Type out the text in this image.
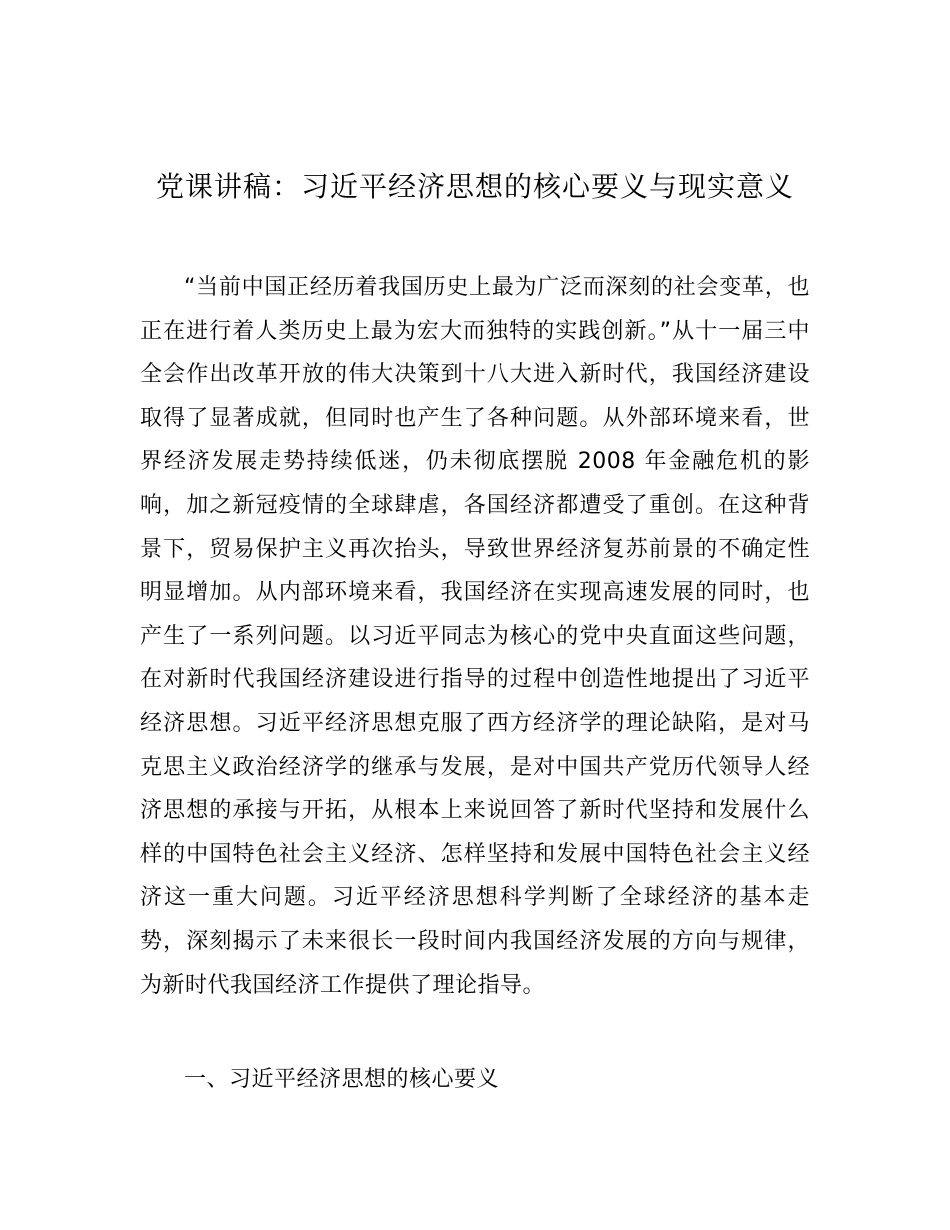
党课讲稿：习近平经济思想的核心要义与现实意义

“当前中国正经历着我国历史上最为广泛而深刻的社会变革，也正在进行着人类历史上最为宏大而独特的实践创新。”从十一届三中全会作出改革开放的伟大决策到十八大进入新时代，我国经济建设取得了显著成就，但同时也产生了各种问题。从外部环境来看，世界经济发展走势持续低迷，仍未彻底摆脱 2008 年金融危机的影响，加之新冠疫情的全球肆虐，各国经济都遭受了重创。在这种背景下，贸易保护主义再次抬头，导致世界经济复苏前景的不确定性明显增加。从内部环境来看，我国经济在实现高速发展的同时，也产生了一系列问题。以习近平同志为核心的党中央直面这些问题，在对新时代我国经济建设进行指导的过程中创造性地提出了习近平经济思想。习近平经济思想克服了西方经济学的理论缺陷，是对马克思主义政治经济学的继承与发展，是对中国共产党历代领导人经济思想的承接与开拓，从根本上来说回答了新时代坚持和发展什么样的中国特色社会主义经济、怎样坚持和发展中国特色社会主义经济这一重大问题。习近平经济思想科学判断了全球经济的基本走势，深刻揭示了未来很长一段时间内我国经济发展的方向与规律，为新时代我国经济工作提供了理论指导。

一、习近平经济思想的核心要义
